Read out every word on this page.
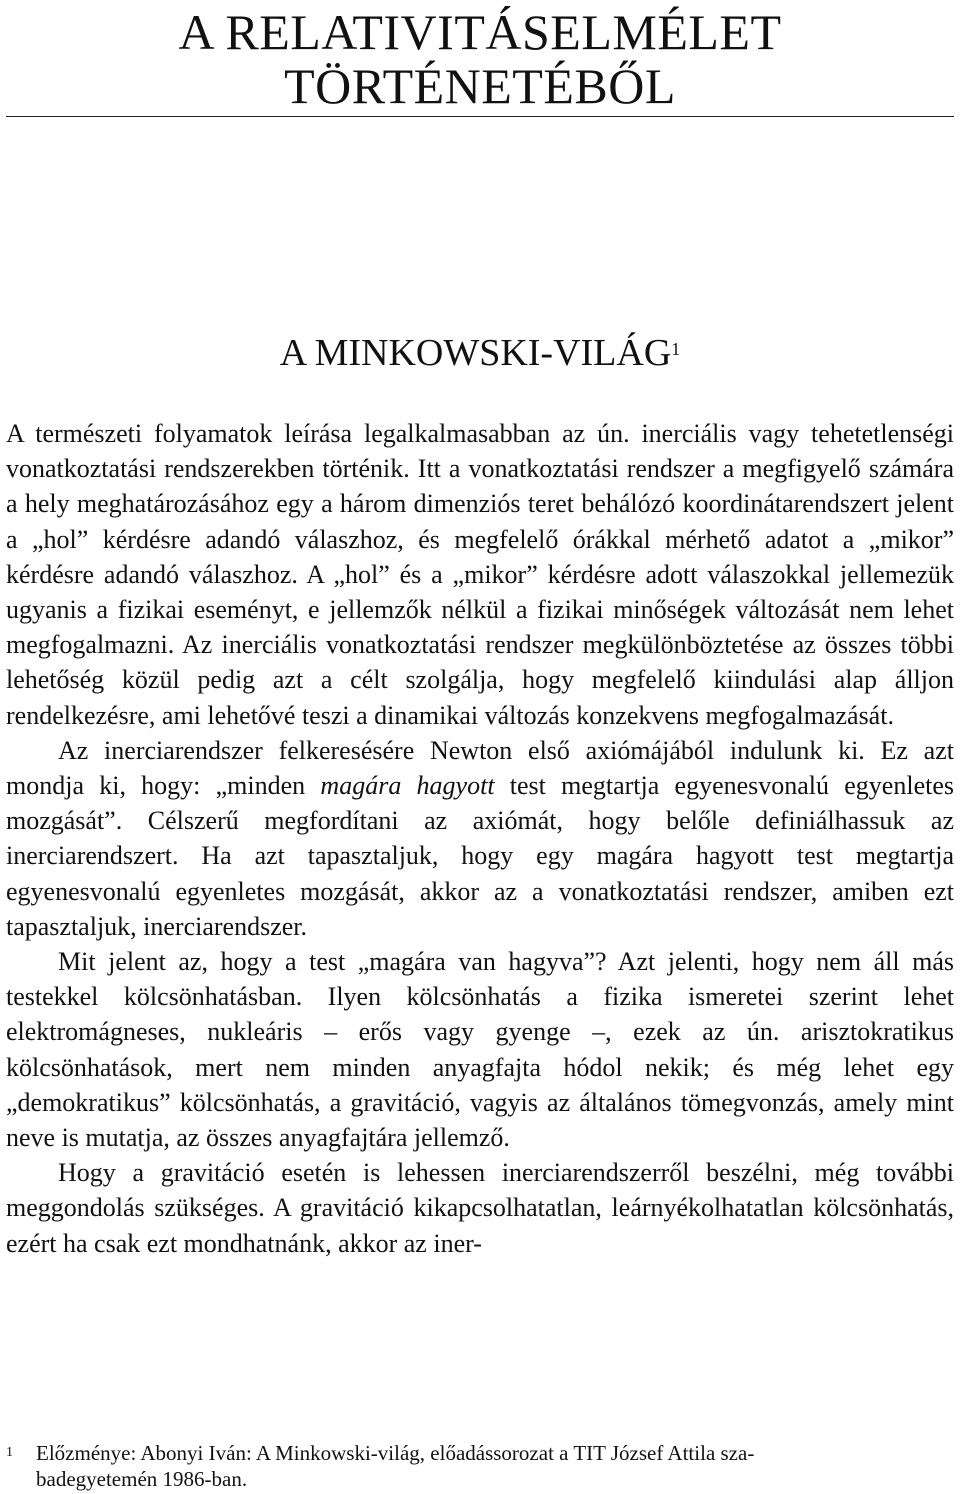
A RELATIVITÁSELMÉLET
TÖRTÉNETÉBŐL
A MINKOWSKI-VILÁG$^1$

A természeti folyamatok leírása legalkalmasabban az ún. inerciális vagy tehetetlenségi vonatkoztatási rendszerekben történik. Itt a vonatkoztatási rendszer a megfigyelő számára a hely meghatározásához egy a három dimenziós teret behálózó koordinátarendszert jelent a „hol” kérdésre adandó válaszhoz, és megfelelő órákkal mérhető adatot a „mikor” kérdésre adandó válaszhoz. A „hol” és a „mikor” kérdésre adott válaszokkal jellemezük ugyanis a fizikai eseményt, e jellemzők nélkül a fizikai minőségek változását nem lehet megfogalmazni. Az inerciális vonatkoztatási rendszer megkülönböztetése az összes többi lehetőség közül pedig azt a célt szolgálja, hogy megfelelő kiindulási alap álljon rendelkezésre, ami lehetővé teszi a dinamikai változás konzekvens megfogalmazását.

Az inerciarendszer felkeresésére Newton első axiómájából indulunk ki. Ez azt mondja ki, hogy: „minden magára hagyott test megtartja egyenesvonalú egyenletes mozgását”. Célszerű megfordítani az axiómát, hogy belőle definiálhassuk az inerciarendszert. Ha azt tapasztaljuk, hogy egy magára hagyott test megtartja egyenesvonalú egyenletes mozgását, akkor az a vonatkoztatási rendszer, amiben ezt tapasztaljuk, inerciarendszer.

Mit jelent az, hogy a test „magára van hagyva”? Azt jelenti, hogy nem áll más testekkel kölcsönhatásban. Ilyen kölcsönhatás a fizika ismeretei szerint lehet elektromágneses, nukleáris – erős vagy gyenge –, ezek az ún. arisztokratikus kölcsönhatások, mert nem minden anyagfajta hódol nekik; és még lehet egy „demokratikus” kölcsönhatás, a gravitáció, vagyis az általános tömegvonzás, amely mint neve is mutatja, az összes anyagfajtára jellemző.

Hogy a gravitáció esetén is lehessen inerciarendszerről beszélni, még további meggondolás szükséges. A gravitáció kikapcsolhatatlan, leárnyékolhatatlan kölcsönhatás, ezért ha csak ezt mondhatnánk, akkor az iner-

1 Előzménye: Abonyi Iván: A Minkowski-világ, előadássorozat a TIT József Attila sza-
badegyetemén 1986-ban.
